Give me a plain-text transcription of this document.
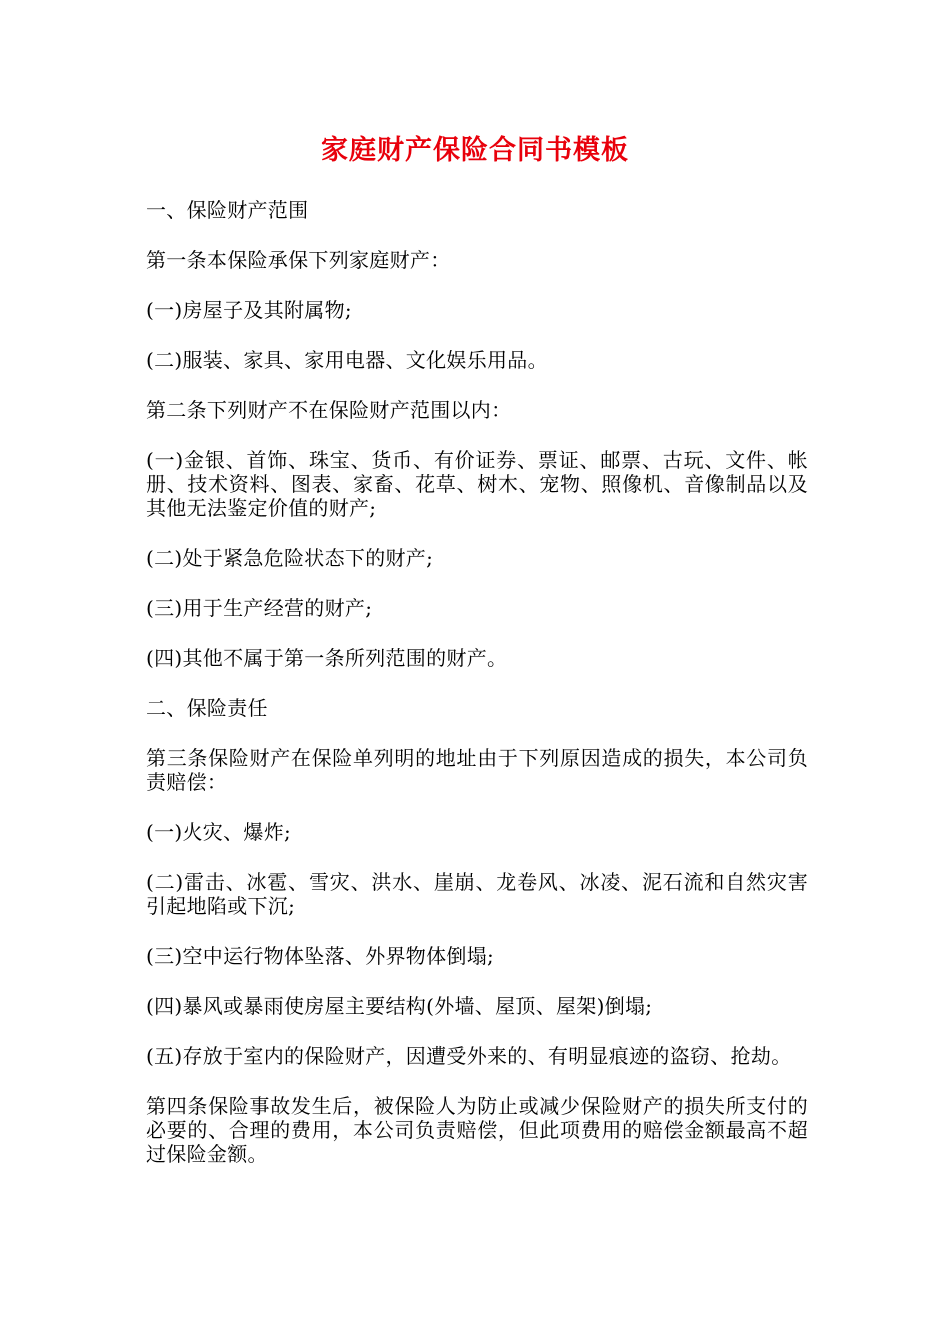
家庭财产保险合同书模板

一、保险财产范围

第一条本保险承保下列家庭财产：

(一)房屋子及其附属物;

(二)服装、家具、家用电器、文化娱乐用品。

第二条下列财产不在保险财产范围以内：

(一)金银、首饰、珠宝、货币、有价证券、票证、邮票、古玩、文件、帐册、技术资料、图表、家畜、花草、树木、宠物、照像机、音像制品以及其他无法鉴定价值的财产;

(二)处于紧急危险状态下的财产;

(三)用于生产经营的财产;

(四)其他不属于第一条所列范围的财产。

二、保险责任

第三条保险财产在保险单列明的地址由于下列原因造成的损失，本公司负责赔偿：

(一)火灾、爆炸;

(二)雷击、冰雹、雪灾、洪水、崖崩、龙卷风、冰凌、泥石流和自然灾害引起地陷或下沉;

(三)空中运行物体坠落、外界物体倒塌;

(四)暴风或暴雨使房屋主要结构(外墙、屋顶、屋架)倒塌;

(五)存放于室内的保险财产，因遭受外来的、有明显痕迹的盗窃、抢劫。

第四条保险事故发生后，被保险人为防止或减少保险财产的损失所支付的必要的、合理的费用，本公司负责赔偿，但此项费用的赔偿金额最高不超过保险金额。
